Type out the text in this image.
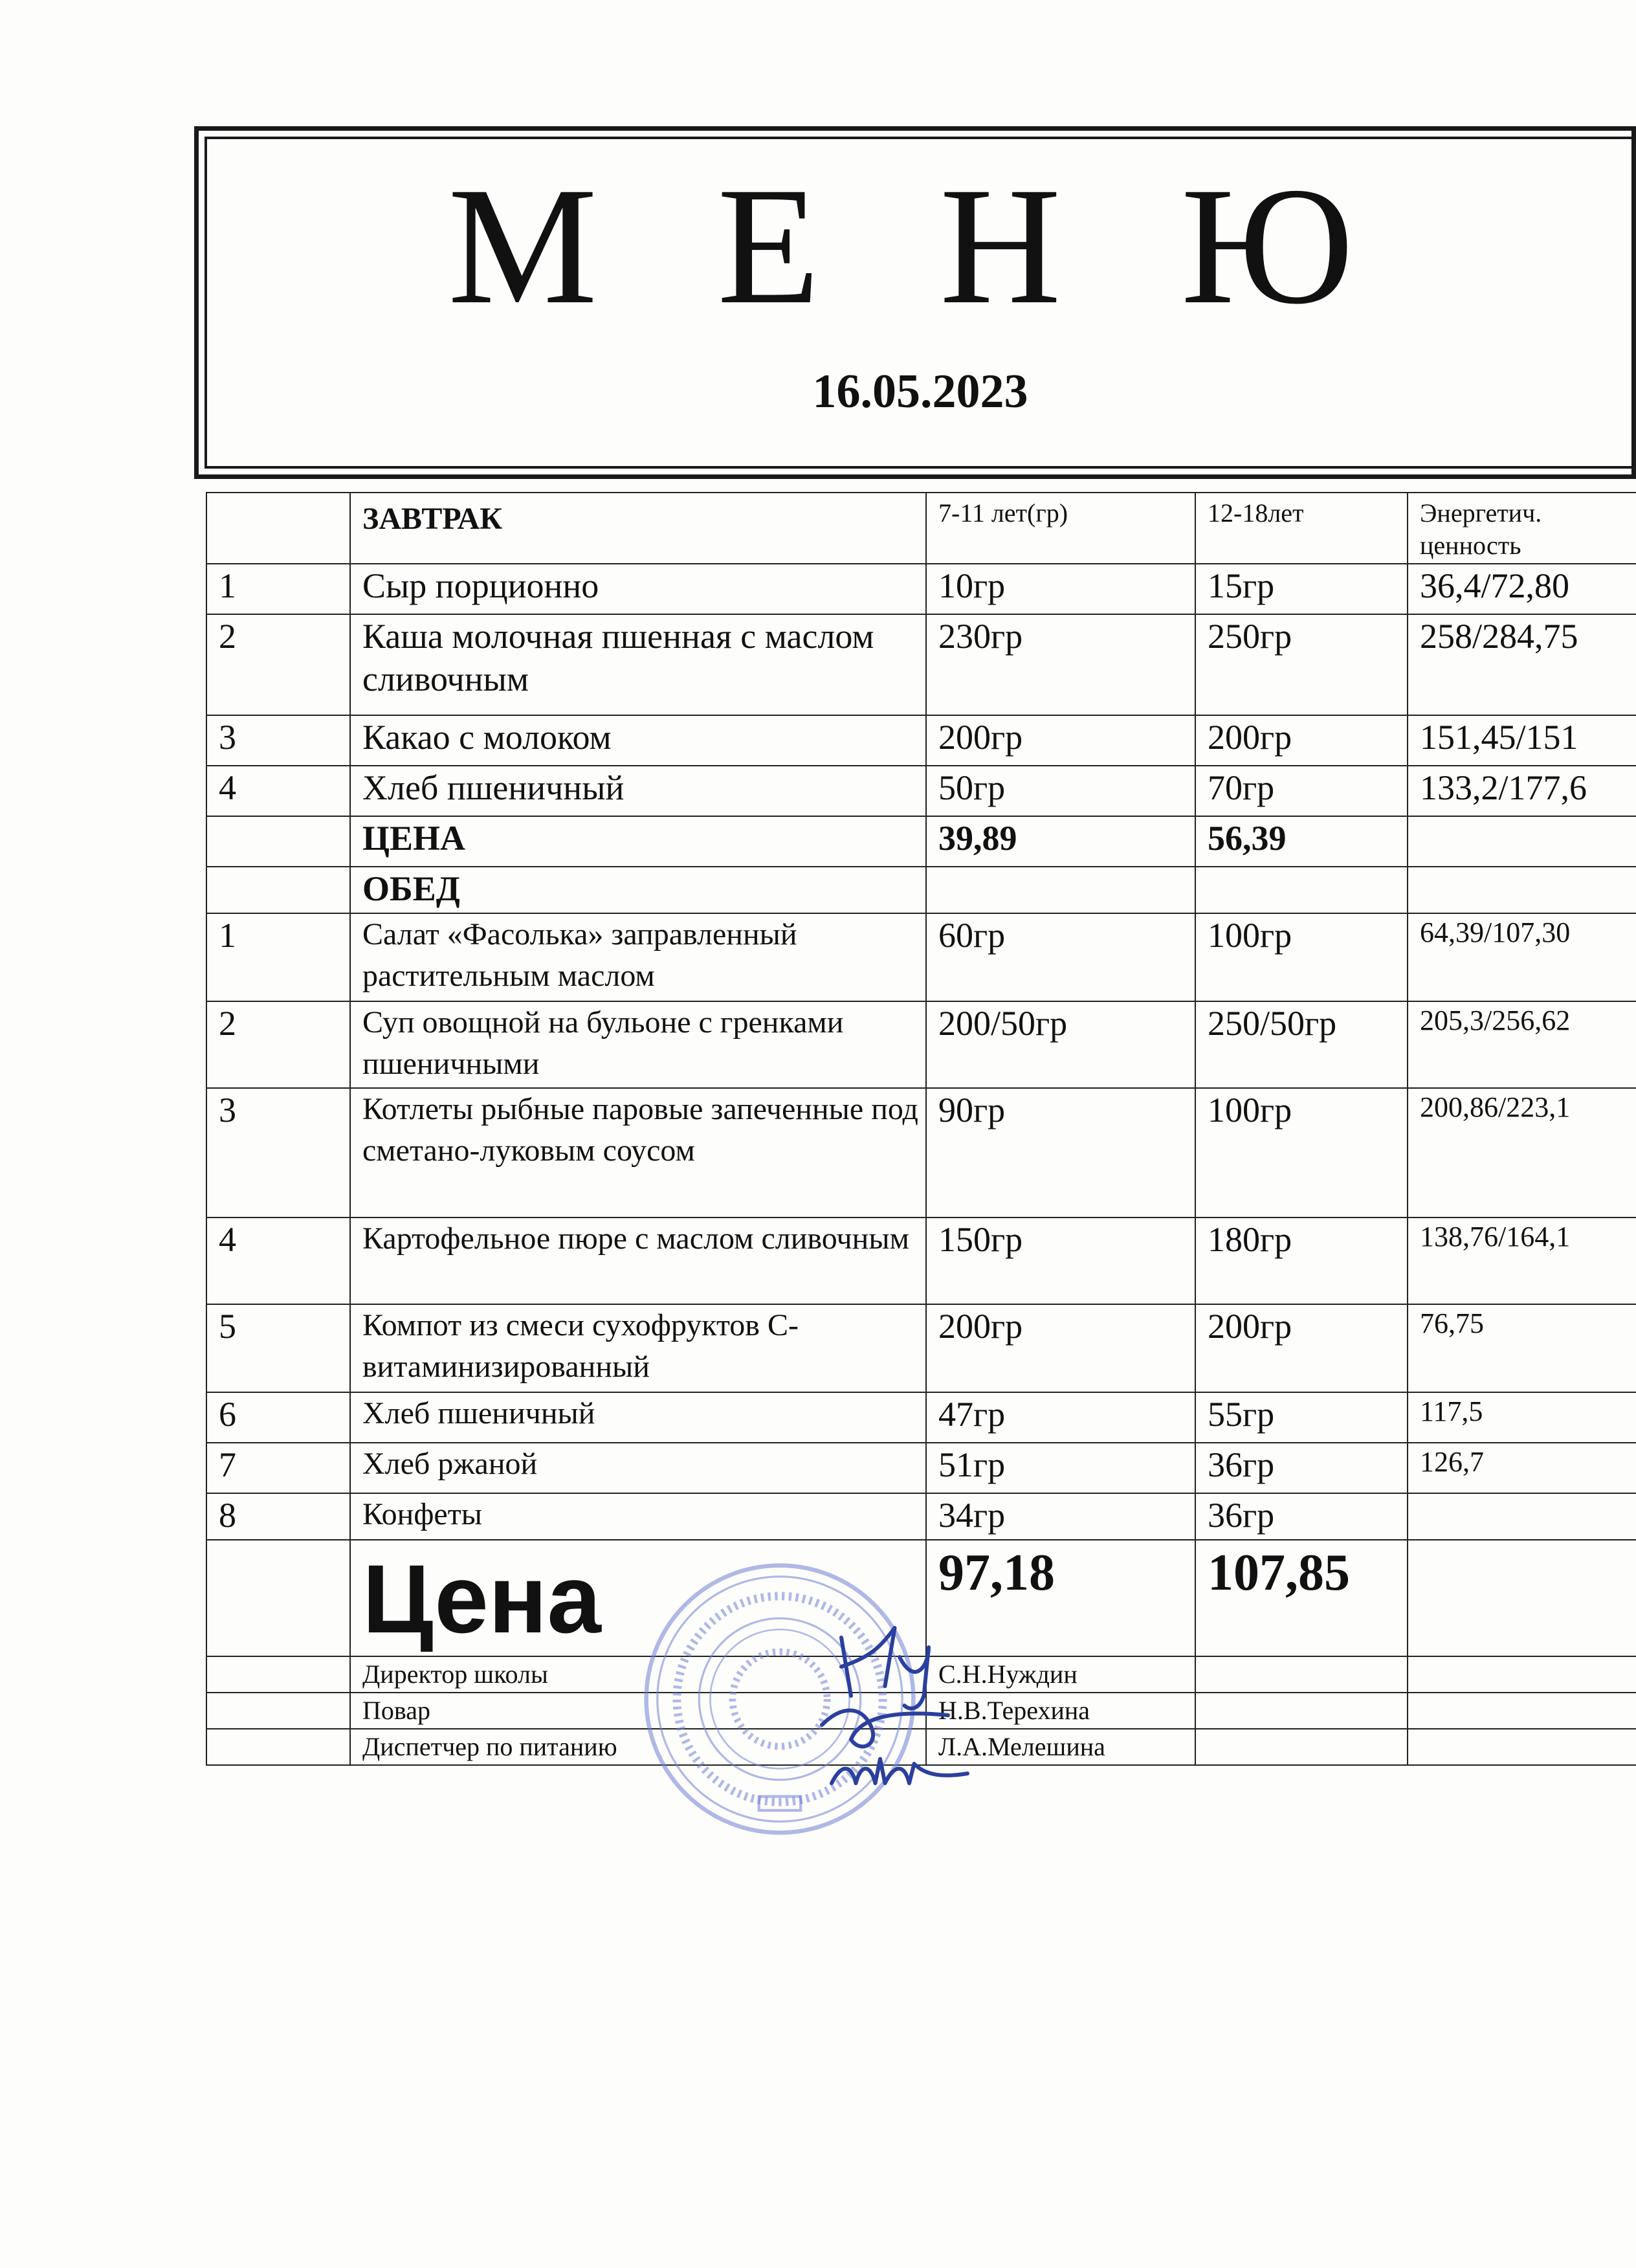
М Е Н Ю
16.05.2023
	ЗАВТРАК	7-11 лет(гр)	12-18лет	Энергетич. ценность
1	Сыр порционно	10гр	15гр	36,4/72,80
2	Каша молочная пшенная с маслом сливочным	230гр	250гр	258/284,75
3	Какао с молоком	200гр	200гр	151,45/151
4	Хлеб пшеничный	50гр	70гр	133,2/177,6
	ЦЕНА	39,89	56,39	
	ОБЕД			
1	Салат «Фасолька» заправленный растительным маслом	60гр	100гр	64,39/107,30
2	Суп овощной на бульоне с гренками пшеничными	200/50гр	250/50гр	205,3/256,62
3	Котлеты рыбные паровые запеченные под сметано-луковым соусом	90гр	100гр	200,86/223,1
4	Картофельное пюре с маслом сливочным	150гр	180гр	138,76/164,1
5	Компот из смеси сухофруктов С-витаминизированный	200гр	200гр	76,75
6	Хлеб пшеничный	47гр	55гр	117,5
7	Хлеб ржаной	51гр	36гр	126,7
8	Конфеты	34гр	36гр	
	Цена	97,18	107,85	
	Директор школы	С.Н.Нуждин		
	Повар	Н.В.Терехина		
	Диспетчер по питанию	Л.А.Мелешина		
